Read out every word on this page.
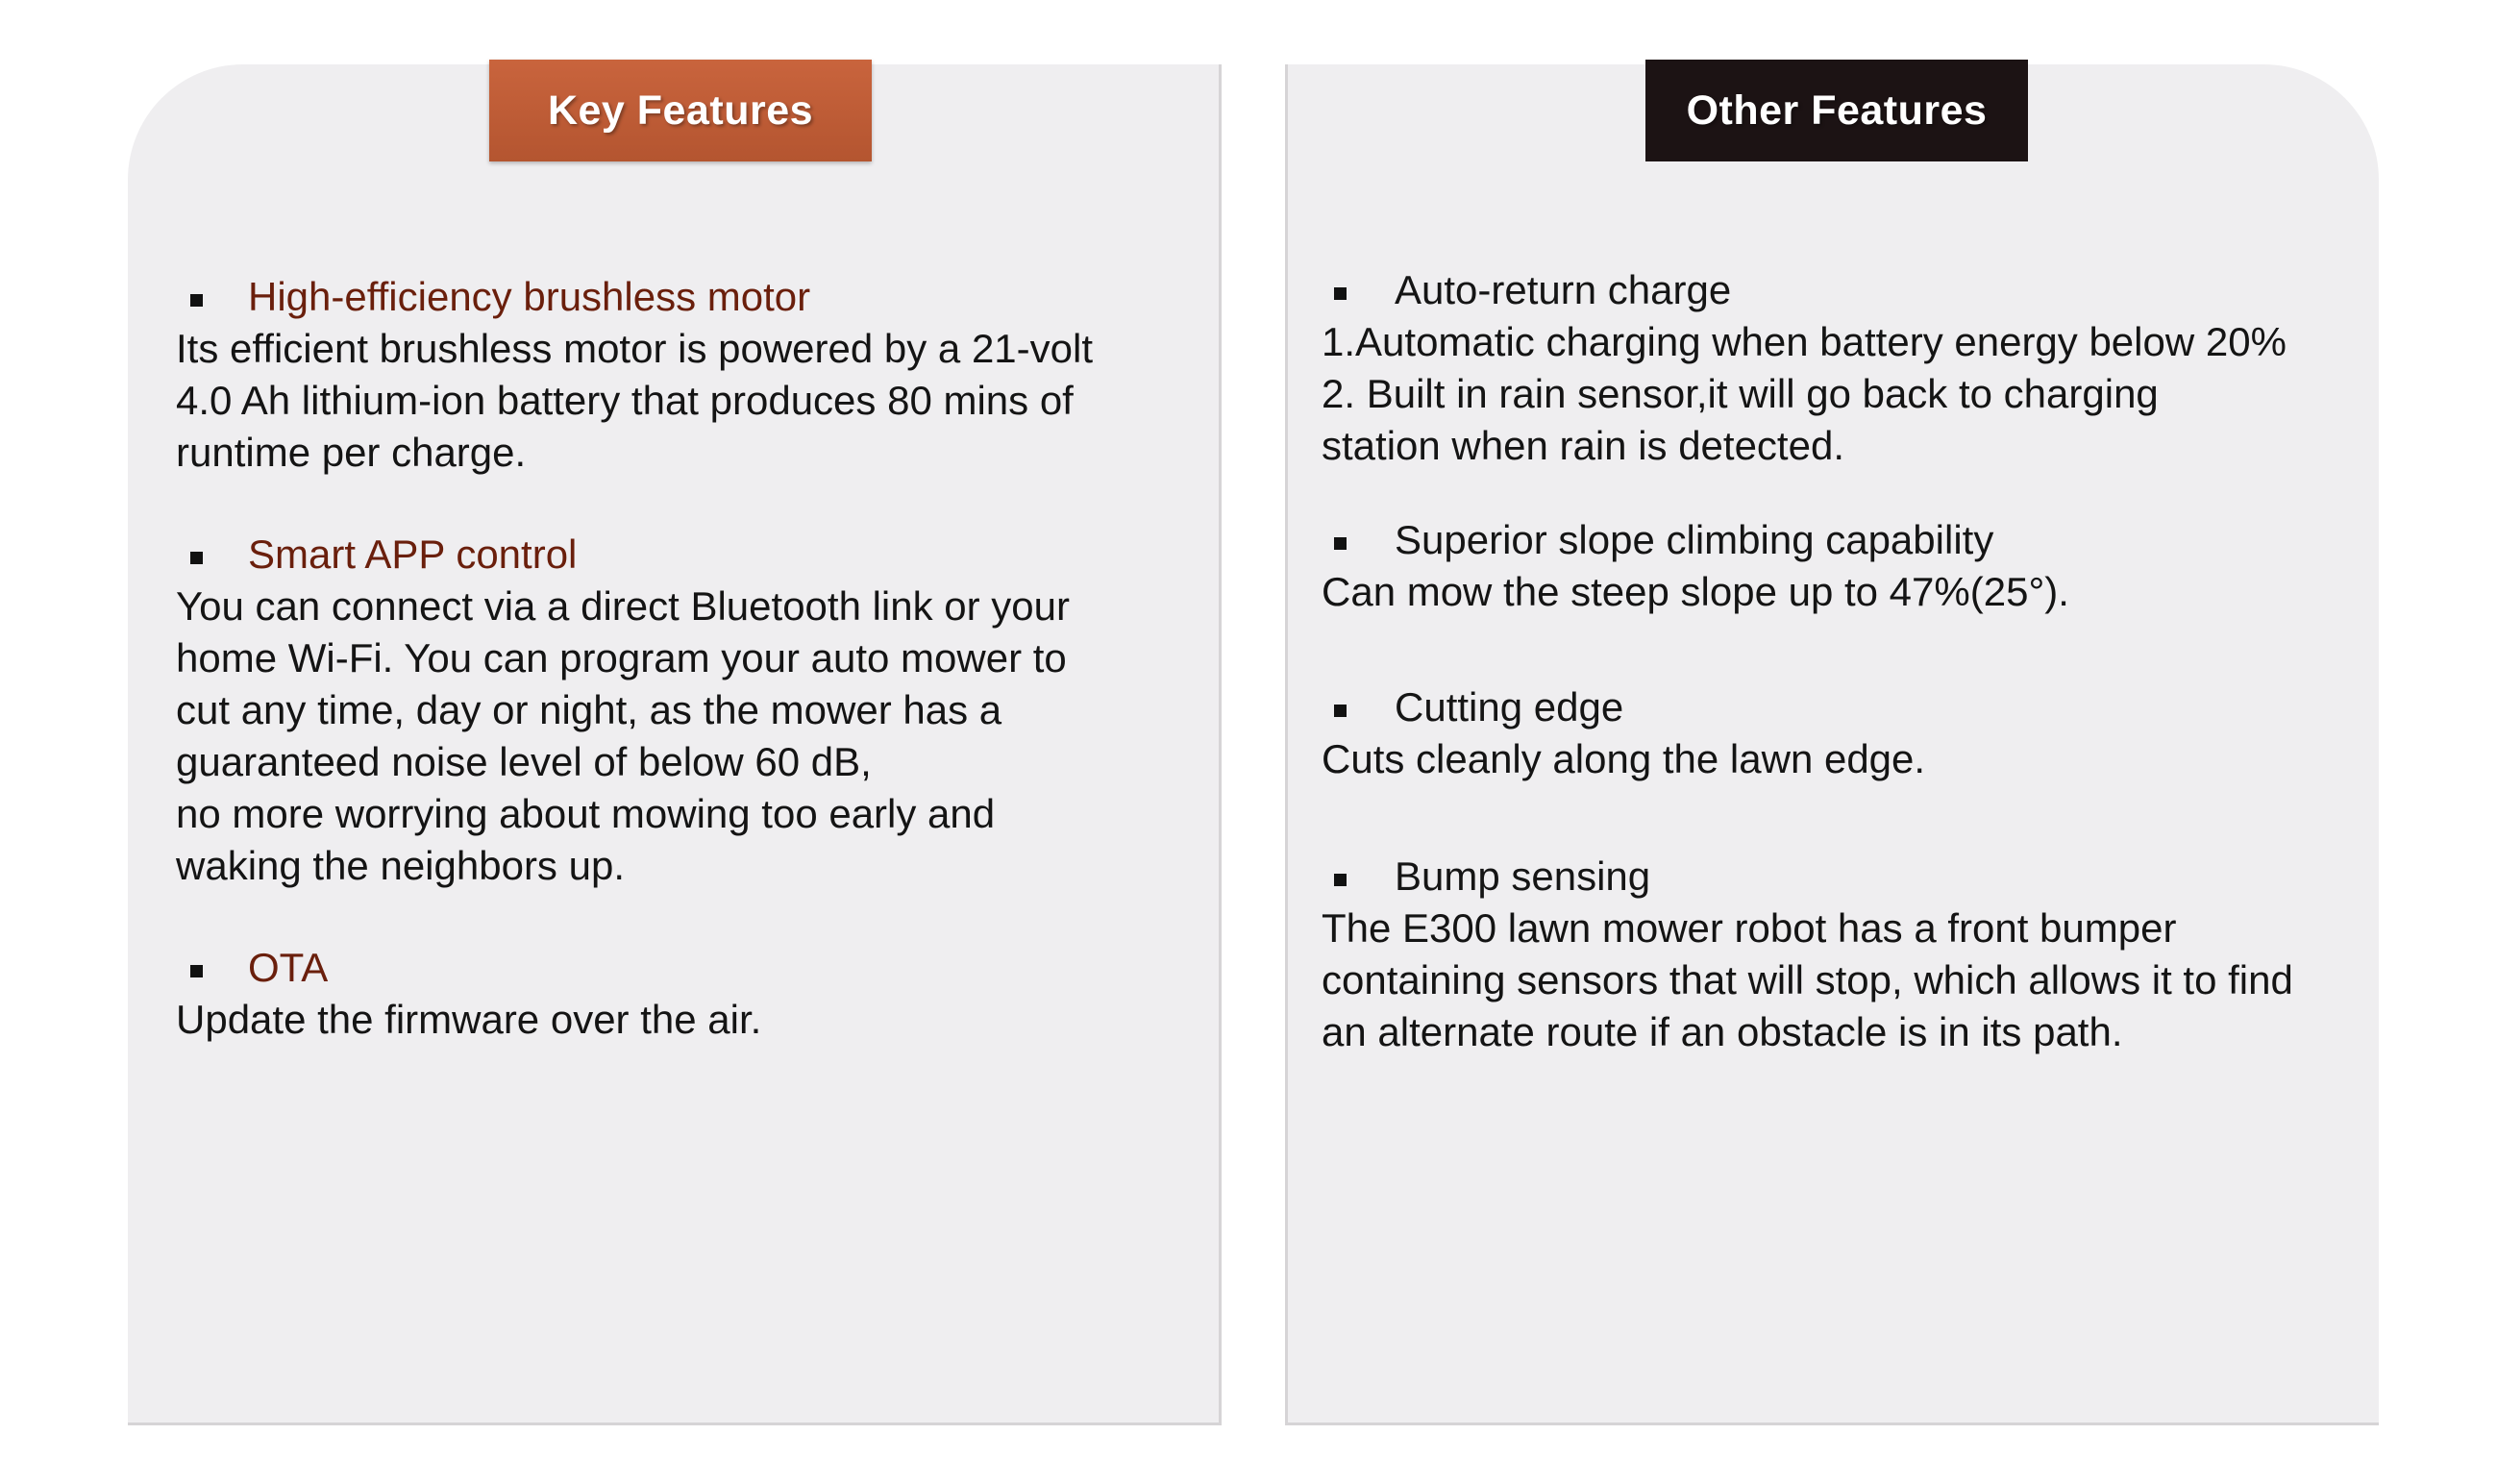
Key Features
High-efficiency brushless motor
Its efficient brushless motor is powered by a 21-volt
4.0 Ah lithium-ion battery that produces 80 mins of
runtime per charge.
Smart APP control
You can connect via a direct Bluetooth link or your
home Wi-Fi. You can program your auto mower to
cut any time, day or night, as the mower has a
guaranteed noise level of below 60 dB,
no more worrying about mowing too early and
waking the neighbors up.
OTA
Update the firmware over the air.
Other Features
Auto-return charge
1.Automatic charging when battery energy below 20%
2. Built in rain sensor,it will go back to charging
station when rain is detected.
Superior slope climbing capability
Can mow the steep slope up to 47%(25°).
Cutting edge
Cuts cleanly along the lawn edge.
Bump sensing
The E300 lawn mower robot has a front bumper
containing sensors that will stop, which allows it to find
an alternate route if an obstacle is in its path.
